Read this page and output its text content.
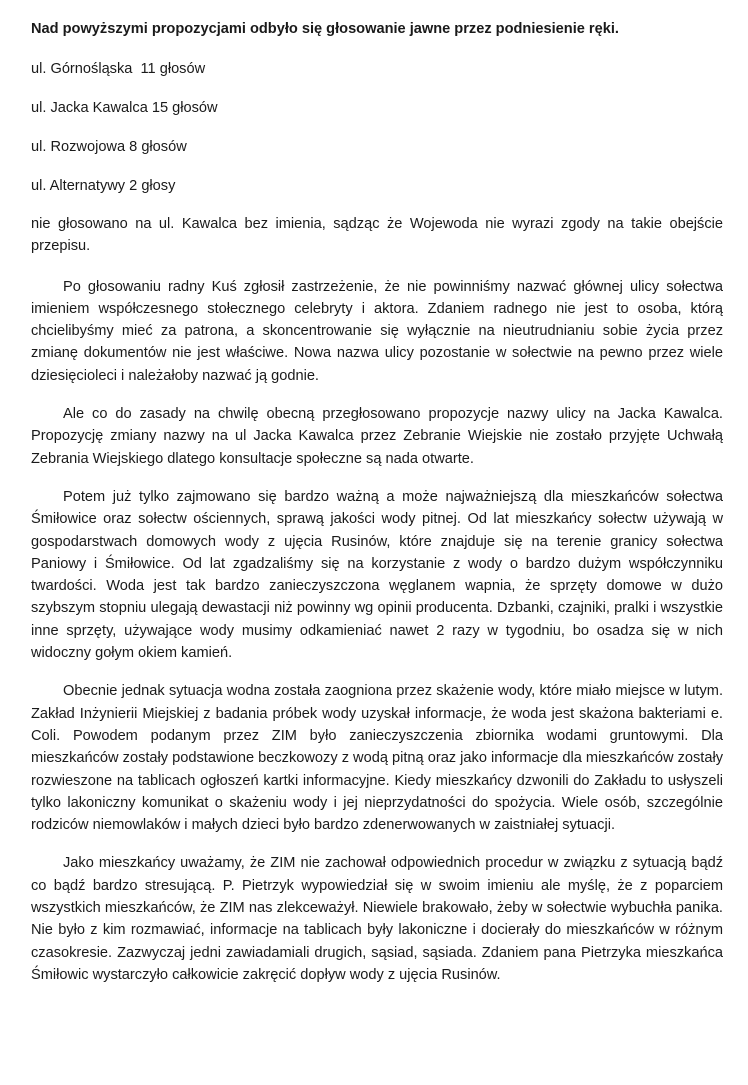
Nad powyższymi propozycjami odbyło się głosowanie jawne przez podniesienie ręki.

ul. Górnośląska  11 głosów
ul. Jacka Kawalca 15 głosów
ul. Rozwojowa 8 głosów
ul. Alternatywy 2 głosy

nie głosowano na ul. Kawalca bez imienia, sądząc że Wojewoda nie wyrazi zgody na takie obejście przepisu.

Po głosowaniu radny Kuś zgłosił zastrzeżenie, że nie powinniśmy nazwać głównej ulicy sołectwa imieniem współczesnego stołecznego celebryty i aktora. Zdaniem radnego nie jest to osoba, którą chcielibyśmy mieć za patrona, a skoncentrowanie się wyłącznie na nieutrudnianiu sobie życia przez zmianę dokumentów nie jest właściwe. Nowa nazwa ulicy pozostanie w sołectwie na pewno przez wiele dziesięcioleci i należałoby nazwać ją godnie.

Ale co do zasady na chwilę obecną przegłosowano propozycje nazwy ulicy na Jacka Kawalca. Propozycję zmiany nazwy na ul Jacka Kawalca przez Zebranie Wiejskie nie zostało przyjęte Uchwałą Zebrania Wiejskiego dlatego konsultacje społeczne są nada otwarte.

Potem już tylko zajmowano się bardzo ważną a może najważniejszą dla mieszkańców sołectwa Śmiłowice oraz sołectw ościennych, sprawą jakości wody pitnej. Od lat mieszkańcy sołectw używają w gospodarstwach domowych wody z ujęcia Rusinów, które znajduje się na terenie granicy sołectwa Paniowy i Śmiłowice. Od lat zgadzaliśmy się na korzystanie z wody o bardzo dużym współczynniku twardości. Woda jest tak bardzo zanieczyszczona węglanem wapnia, że sprzęty domowe w dużo szybszym stopniu ulegają dewastacji niż powinny wg opinii producenta. Dzbanki, czajniki, pralki i wszystkie inne sprzęty, używające wody musimy odkamieniać nawet 2 razy w tygodniu, bo osadza się w nich widoczny gołym okiem kamień.

Obecnie jednak sytuacja wodna została zaogniona przez skażenie wody, które miało miejsce w lutym. Zakład Inżynierii Miejskiej z badania próbek wody uzyskał informacje, że woda jest skażona bakteriami e. Coli. Powodem podanym przez ZIM było zanieczyszczenia zbiornika wodami gruntowymi. Dla mieszkańców zostały podstawione beczkowozy z wodą pitną oraz jako informacje dla mieszkańców zostały rozwieszone na tablicach ogłoszeń kartki informacyjne. Kiedy mieszkańcy dzwonili do Zakładu to usłyszeli tylko lakoniczny komunikat o skażeniu wody i jej nieprzydatności do spożycia. Wiele osób, szczególnie rodziców niemowlaków i małych dzieci było bardzo zdenerwowanych w zaistniałej sytuacji.

Jako mieszkańcy uważamy, że ZIM nie zachował odpowiednich procedur w związku z sytuacją bądź co bądź bardzo stresującą. P. Pietrzyk wypowiedział się w swoim imieniu ale myślę, że z poparciem wszystkich mieszkańców, że ZIM nas zlekceważył. Niewiele brakowało, żeby w sołectwie wybuchła panika. Nie było z kim rozmawiać, informacje na tablicach były lakoniczne i docierały do mieszkańców w różnym czasokresie. Zazwyczaj jedni zawiadamiali drugich, sąsiad, sąsiada. Zdaniem pana Pietrzyka mieszkańca Śmiłowic wystarczyło całkowicie zakręcić dopływ wody z ujęcia Rusinów.
